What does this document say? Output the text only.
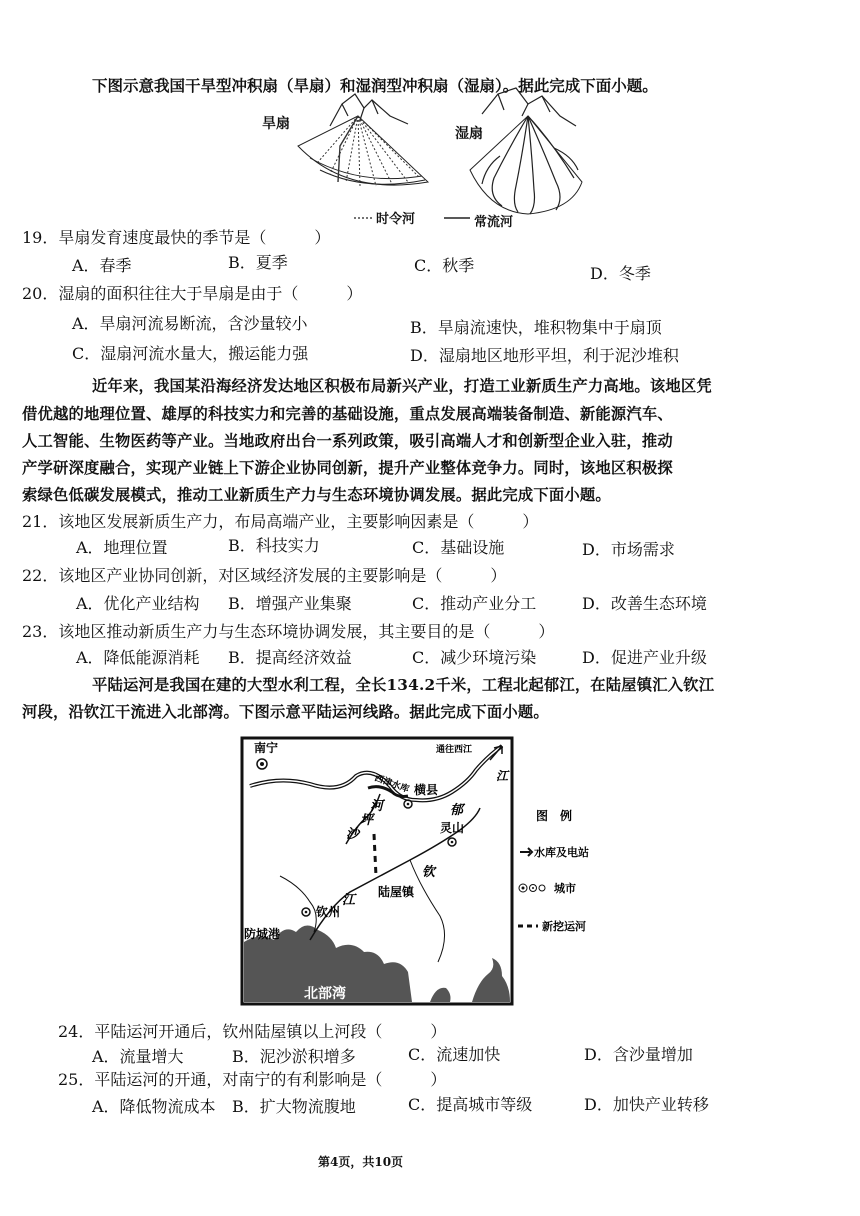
下图示意我国干旱型冲积扇（旱扇）和湿润型冲积扇（湿扇）。据此完成下面小题。
旱扇
湿扇
时令河	常流河
19．旱扇发育速度最快的季节是（　　　）
A．春季	B．夏季	C．秋季	D．冬季
20．湿扇的面积往往大于旱扇是由于（　　　）
A．旱扇河流易断流，含沙量较小	B．旱扇流速快，堆积物集中于扇顶
C．湿扇河流水量大，搬运能力强	D．湿扇地区地形平坦，利于泥沙堆积
近年来，我国某沿海经济发达地区积极布局新兴产业，打造工业新质生产力高地。该地区凭
借优越的地理位置、雄厚的科技实力和完善的基础设施，重点发展高端装备制造、新能源汽车、
人工智能、生物医药等产业。当地政府出台一系列政策，吸引高端人才和创新型企业入驻，推动
产学研深度融合，实现产业链上下游企业协同创新，提升产业整体竞争力。同时，该地区积极探
索绿色低碳发展模式，推动工业新质生产力与生态环境协调发展。据此完成下面小题。
21．该地区发展新质生产力，布局高端产业，主要影响因素是（　　　）
A．地理位置	B．科技实力	C．基础设施	D．市场需求
22．该地区产业协同创新，对区域经济发展的主要影响是（　　　）
A．优化产业结构 B．增强产业集聚	C．推动产业分工	D．改善生态环境
23．该地区推动新质生产力与生态环境协调发展，其主要目的是（　　　）
A．降低能源消耗 B．提高经济效益	C．减少环境污染	D．促进产业升级
平陆运河是我国在建的大型水利工程，全长134.2千米，工程北起郁江，在陆屋镇汇入钦江
河段，沿钦江干流进入北部湾。下图示意平陆运河线路。据此完成下面小题。
南宁	通往西江
江
西津水库 横县
郁
沙
坪
河
灵山
钦
江
陆屋镇
钦州
防城港
北部湾
图　例
水库及电站
城市
新挖运河
24．平陆运河开通后，钦州陆屋镇以上河段（　　　）
A．流量增大	B．泥沙淤积增多	C．流速加快	D．含沙量增加
25．平陆运河的开通，对南宁的有利影响是（　　　）
A．降低物流成本 B．扩大物流腹地	C．提高城市等级	D．加快产业转移
第4页，共10页
